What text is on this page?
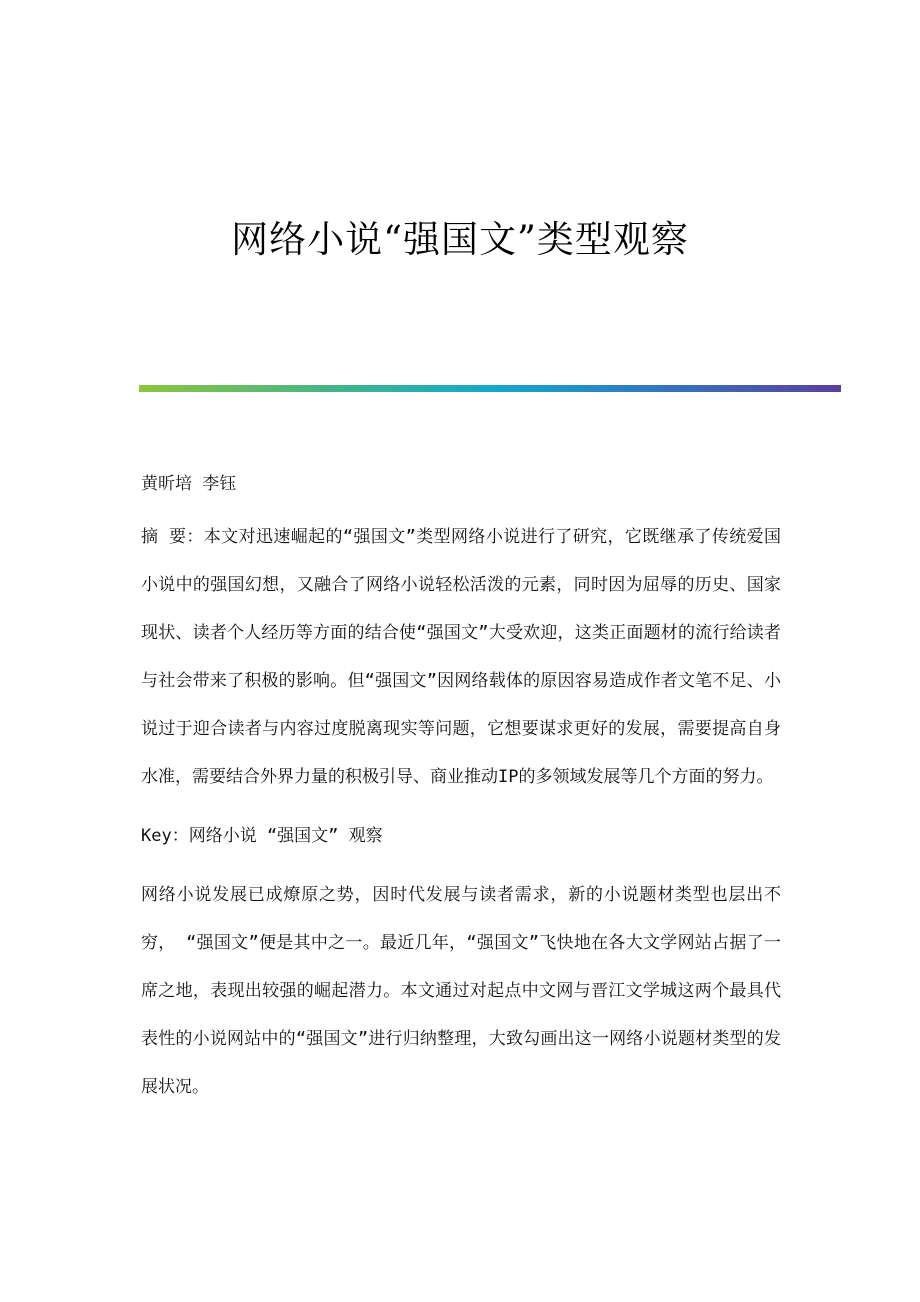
网络小说“强国文”类型观察
黄昕培 李钰
摘 要：本文对迅速崛起的“强国文”类型网络小说进行了研究，它既继承了传统爱国小说中的强国幻想，又融合了网络小说轻松活泼的元素，同时因为屈辱的历史、国家现状、读者个人经历等方面的结合使“强国文”大受欢迎，这类正面题材的流行给读者与社会带来了积极的影响。但“强国文”因网络载体的原因容易造成作者文笔不足、小说过于迎合读者与内容过度脱离现实等问题，它想要谋求更好的发展，需要提高自身水准，需要结合外界力量的积极引导、商业推动IP的多领域发展等几个方面的努力。
Key：网络小说 “强国文” 观察
网络小说发展已成燎原之势，因时代发展与读者需求，新的小说题材类型也层出不穷， “强国文”便是其中之一。最近几年，“强国文”飞快地在各大文学网站占据了一席之地，表现出较强的崛起潜力。本文通过对起点中文网与晋江文学城这两个最具代表性的小说网站中的“强国文”进行归纳整理，大致勾画出这一网络小说题材类型的发展状况。
